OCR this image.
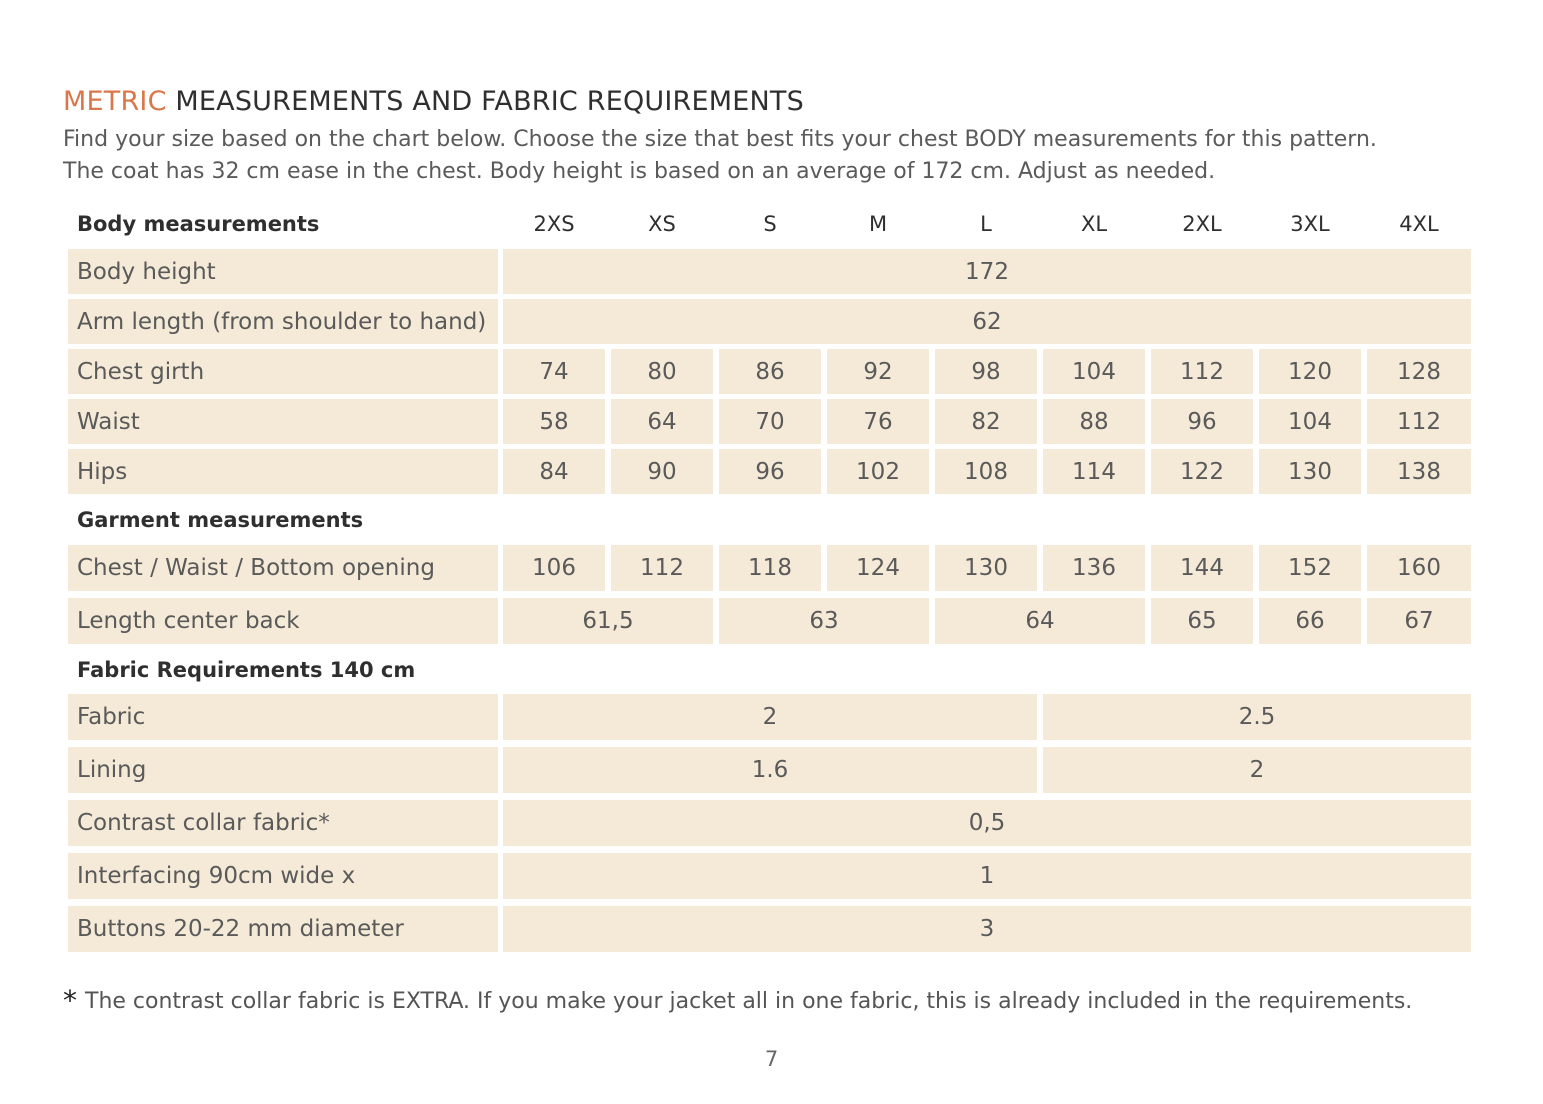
METRIC MEASUREMENTS AND FABRIC REQUIREMENTS
Find your size based on the chart below. Choose the size that best fits your chest BODY measurements for this pattern.
The coat has 32 cm ease in the chest. Body height is based on an average of 172 cm. Adjust as needed.
Body measurements	2XS	XS	S	M	L	XL	2XL	3XL	4XL
Body height	172
Arm length (from shoulder to hand)	62
Chest girth	74	80	86	92	98	104	112	120	128
Waist	58	64	70	76	82	88	96	104	112
Hips	84	90	96	102	108	114	122	130	138
Garment measurements
Chest / Waist / Bottom opening	106	112	118	124	130	136	144	152	160
Length center back	61,5	63	64	65	66	67
Fabric Requirements 140 cm
Fabric	2	2.5
Lining	1.6	2
Contrast collar fabric*	0,5
Interfacing 90cm wide x	1
Buttons 20-22 mm diameter	3
* The contrast collar fabric is EXTRA. If you make your jacket all in one fabric, this is already included in the requirements.
7
